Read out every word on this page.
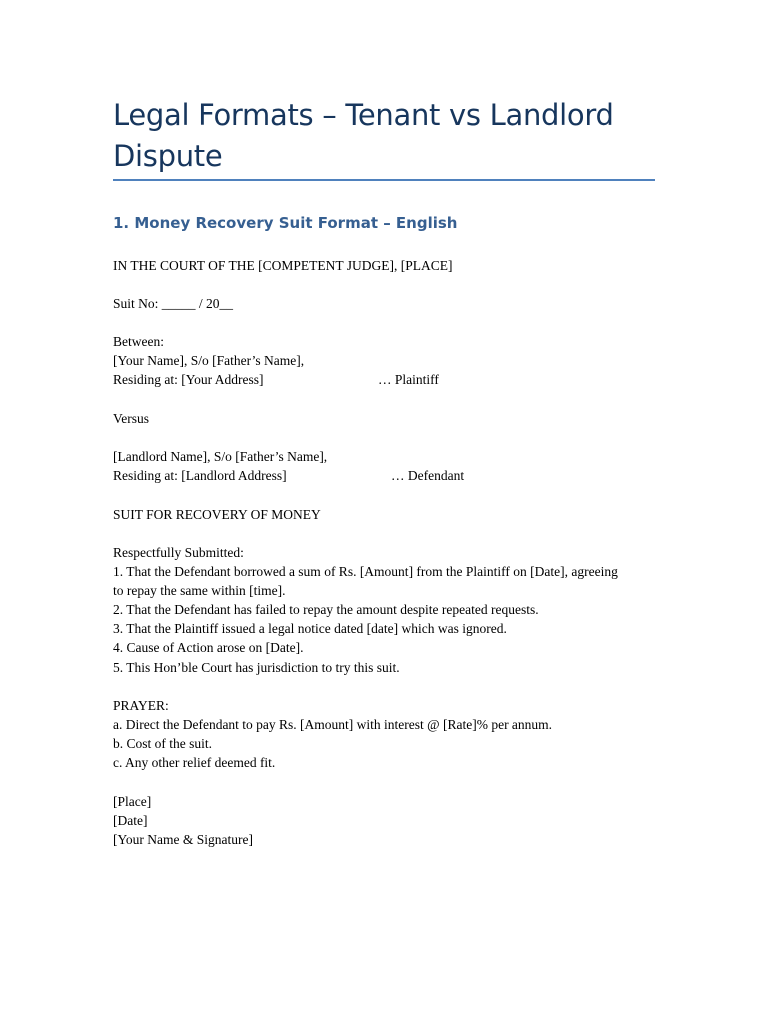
Legal Formats – Tenant vs Landlord Dispute
1. Money Recovery Suit Format – English
IN THE COURT OF THE [COMPETENT JUDGE], [PLACE]
Suit No: _____ / 20__
Between:
[Your Name], S/o [Father’s Name],
Residing at: [Your Address]	… Plaintiff
Versus
[Landlord Name], S/o [Father’s Name],
Residing at: [Landlord Address]	… Defendant
SUIT FOR RECOVERY OF MONEY
Respectfully Submitted:
1. That the Defendant borrowed a sum of Rs. [Amount] from the Plaintiff on [Date], agreeing
to repay the same within [time].
2. That the Defendant has failed to repay the amount despite repeated requests.
3. That the Plaintiff issued a legal notice dated [date] which was ignored.
4. Cause of Action arose on [Date].
5. This Hon’ble Court has jurisdiction to try this suit.
PRAYER:
a. Direct the Defendant to pay Rs. [Amount] with interest @ [Rate]% per annum.
b. Cost of the suit.
c. Any other relief deemed fit.
[Place]
[Date]
[Your Name & Signature]
